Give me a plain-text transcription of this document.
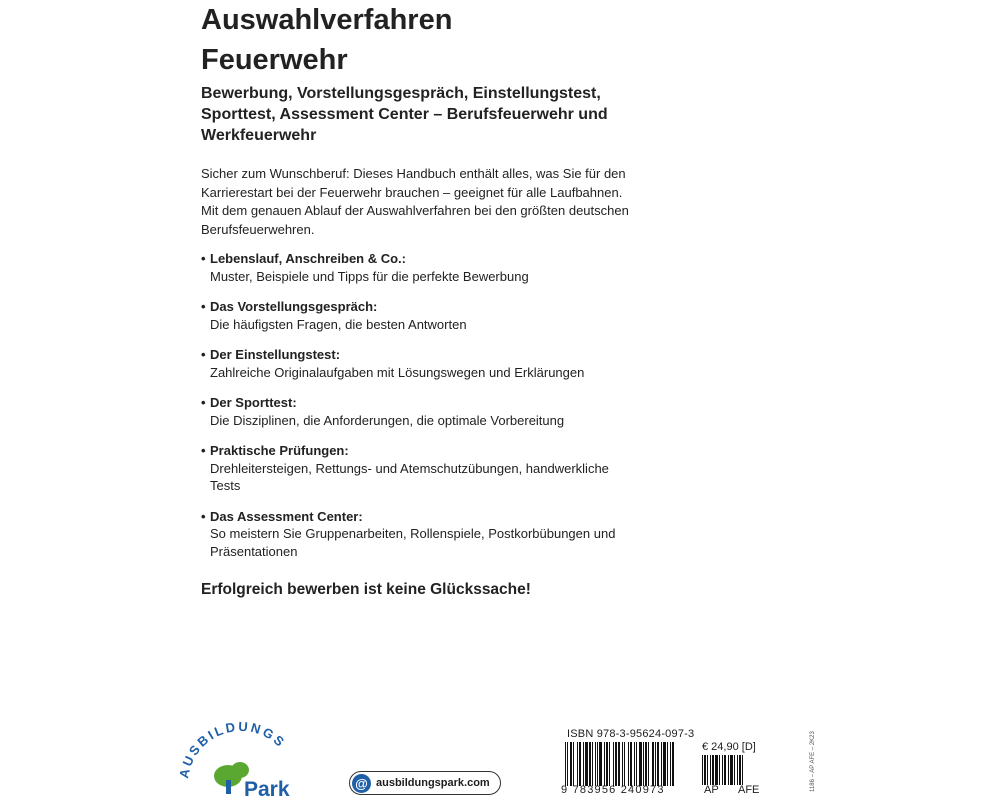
Auswahlverfahren
Feuerwehr
Bewerbung, Vorstellungsgespräch, Einstellungstest, Sporttest, Assessment Center – Berufsfeuerwehr und Werkfeuerwehr
Sicher zum Wunschberuf: Dieses Handbuch enthält alles, was Sie für den Karrierestart bei der Feuerwehr brauchen – geeignet für alle Laufbahnen. Mit dem genauen Ablauf der Auswahlverfahren bei den größten deutschen Berufsfeuerwehren.
• Lebenslauf, Anschreiben & Co.:
Muster, Beispiele und Tipps für die perfekte Bewerbung
• Das Vorstellungsgespräch:
Die häufigsten Fragen, die besten Antworten
• Der Einstellungstest:
Zahlreiche Originalaufgaben mit Lösungswegen und Erklärungen
• Der Sporttest:
Die Disziplinen, die Anforderungen, die optimale Vorbereitung
• Praktische Prüfungen:
Drehleitersteigen, Rettungs- und Atemschutzübungen, handwerkliche Tests
• Das Assessment Center:
So meistern Sie Gruppenarbeiten, Rollenspiele, Postkorbübungen und Präsentationen
Erfolgreich bewerben ist keine Glückssache!
AUSBILDUNGS
Park	@ ausbildungspark.com
ISBN 978-3-95624-097-3
9 783956 240973
€ 24,90 [D]
AP AFE	1186 – AP AFE – 2K23
